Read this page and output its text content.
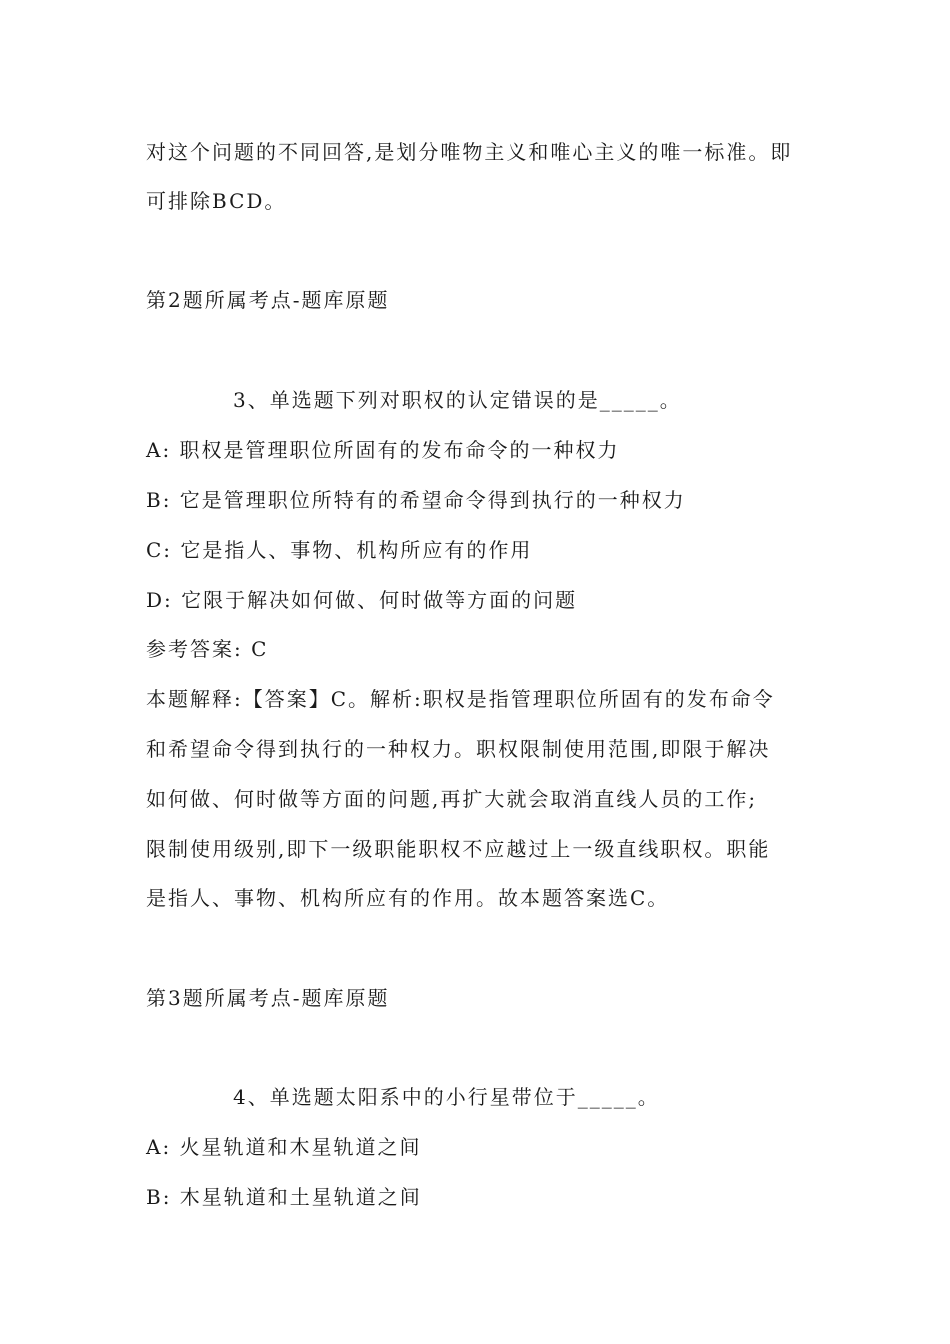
对这个问题的不同回答,是划分唯物主义和唯心主义的唯一标准。即
可排除BCD。
第2题所属考点-题库原题
3、单选题下列对职权的认定错误的是_____。
A: 职权是管理职位所固有的发布命令的一种权力
B: 它是管理职位所特有的希望命令得到执行的一种权力
C: 它是指人、事物、机构所应有的作用
D: 它限于解决如何做、何时做等方面的问题
参考答案: C
本题解释:【答案】C。解析:职权是指管理职位所固有的发布命令
和希望命令得到执行的一种权力。职权限制使用范围,即限于解决
如何做、何时做等方面的问题,再扩大就会取消直线人员的工作;
限制使用级别,即下一级职能职权不应越过上一级直线职权。职能
是指人、事物、机构所应有的作用。故本题答案选C。
第3题所属考点-题库原题
4、单选题太阳系中的小行星带位于_____。
A: 火星轨道和木星轨道之间
B: 木星轨道和土星轨道之间
